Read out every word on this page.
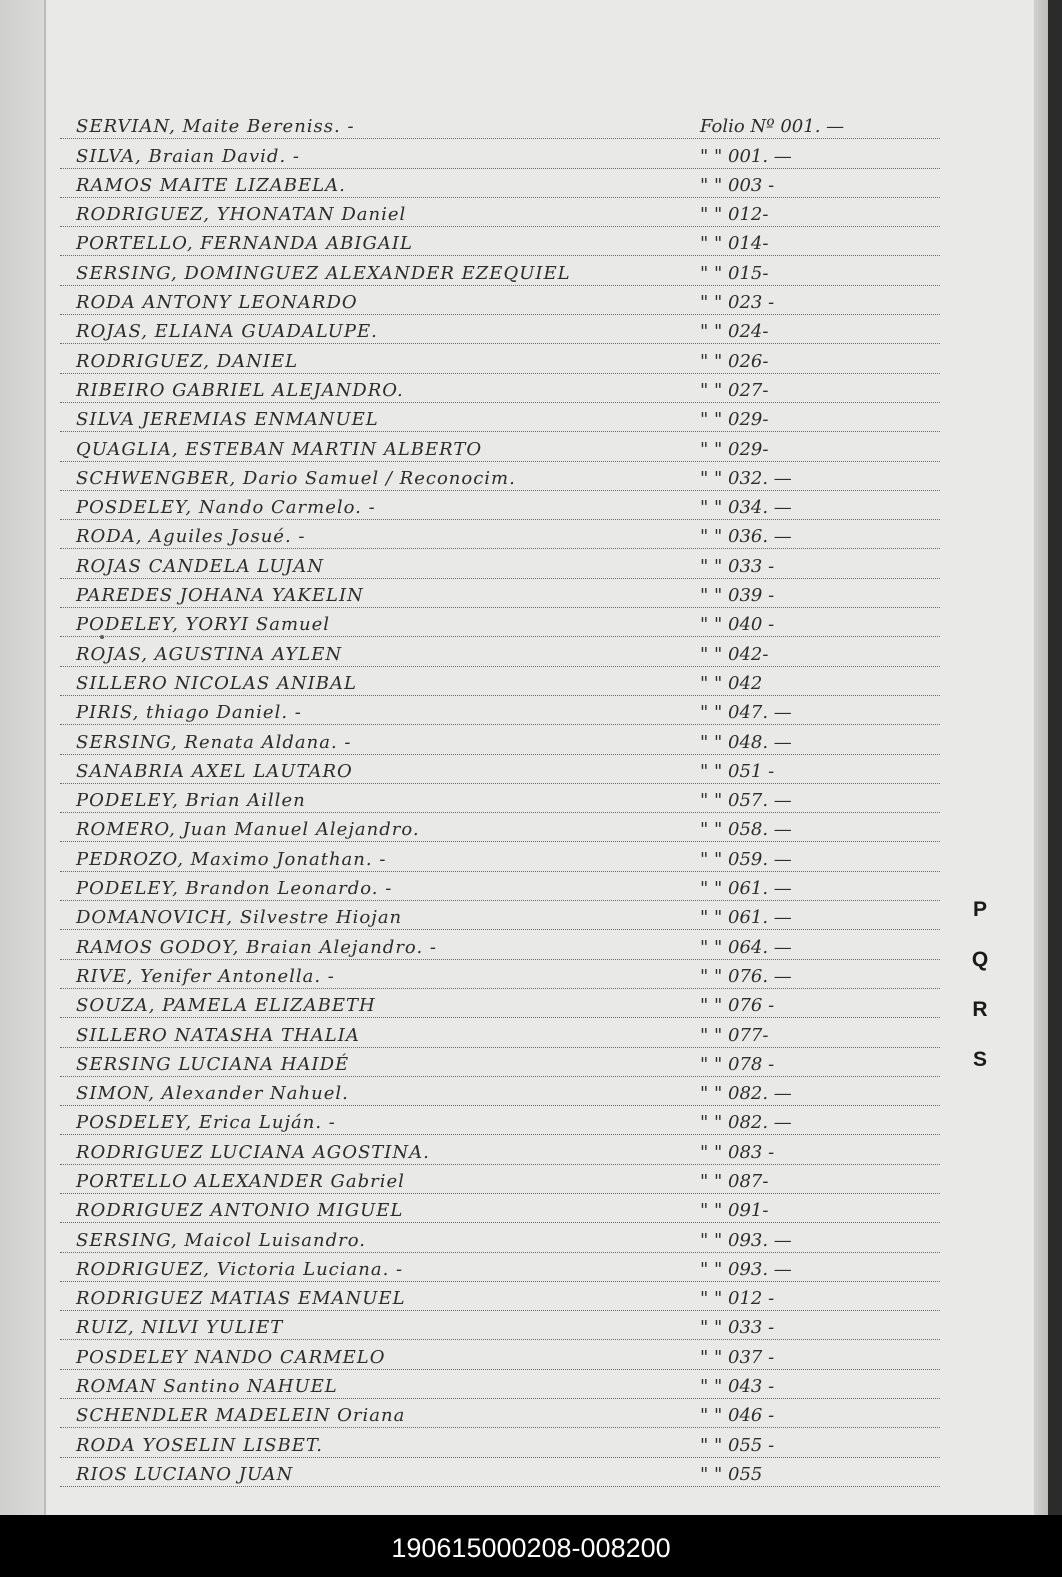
SERVIAN, Maite Bereniss. -	Folio Nº 001. —
SILVA, Braian David. -	" " 001. —
RAMOS MAITE LIZABELA.	" " 003 -
RODRIGUEZ, YHONATAN Daniel	" " 012-
PORTELLO, FERNANDA ABIGAIL	" " 014-
SERSING, DOMINGUEZ ALEXANDER EZEQUIEL	" " 015-
RODA ANTONY LEONARDO	" " 023 -
ROJAS, ELIANA GUADALUPE.	" " 024-
RODRIGUEZ, DANIEL	" " 026-
RIBEIRO GABRIEL ALEJANDRO.	" " 027-
SILVA JEREMIAS ENMANUEL	" " 029-
QUAGLIA, ESTEBAN MARTIN ALBERTO	" " 029-
SCHWENGBER, Dario Samuel / Reconocim.	" " 032. —
POSDELEY, Nando Carmelo. -	" " 034. —
RODA, Aguiles Josué. -	" " 036. —
ROJAS CANDELA LUJAN	" " 033 -
PAREDES JOHANA YAKELIN	" " 039 -
PODELEY, YORYI Samuel	" " 040 -
ROJAS, AGUSTINA AYLEN	" " 042-
SILLERO NICOLAS ANIBAL	" " 042
PIRIS, thiago Daniel. -	" " 047. —
SERSING, Renata Aldana. -	" " 048. —
SANABRIA AXEL LAUTARO	" " 051 -
PODELEY, Brian Aillen	" " 057. —
ROMERO, Juan Manuel Alejandro.	" " 058. —
PEDROZO, Maximo Jonathan. -	" " 059. —
PODELEY, Brandon Leonardo. -	" " 061. —
DOMANOVICH, Silvestre Hiojan	" " 061. —
RAMOS GODOY, Braian Alejandro. -	" " 064. —
RIVE, Yenifer Antonella. -	" " 076. —
SOUZA, PAMELA ELIZABETH	" " 076 -
SILLERO NATASHA THALIA	" " 077-
SERSING LUCIANA HAIDÉ	" " 078 -
SIMON, Alexander Nahuel.	" " 082. —
POSDELEY, Erica Luján. -	" " 082. —
RODRIGUEZ LUCIANA AGOSTINA.	" " 083 -
PORTELLO ALEXANDER Gabriel	" " 087-
RODRIGUEZ ANTONIO MIGUEL	" " 091-
SERSING, Maicol Luisandro.	" " 093. —
RODRIGUEZ, Victoria Luciana. -	" " 093. —
RODRIGUEZ MATIAS EMANUEL	" " 012 -
RUIZ, NILVI YULIET	" " 033 -
POSDELEY NANDO CARMELO	" " 037 -
ROMAN Santino NAHUEL	" " 043 -
SCHENDLER MADELEIN Oriana	" " 046 -
RODA YOSELIN LISBET.	" " 055 -
RIOS LUCIANO JUAN	" " 055
P
Q
R
S
190615000208-008200
